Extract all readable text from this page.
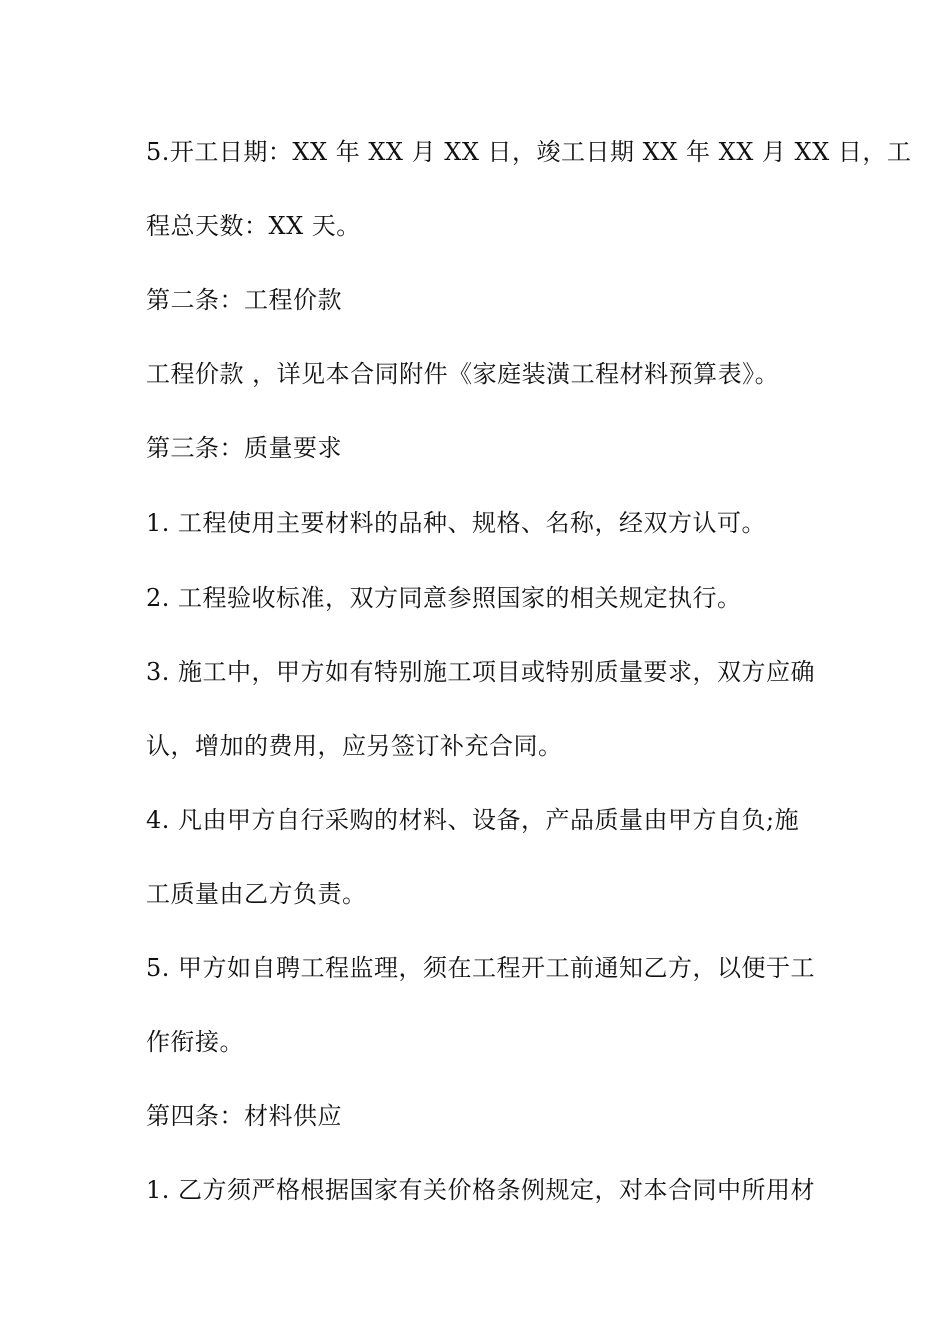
5.开工日期：XX 年 XX 月 XX 日，竣工日期 XX 年 XX 月 XX 日，工
程总天数：XX 天。
第二条：工程价款
工程价款 ，详见本合同附件《家庭装潢工程材料预算表》。
第三条：质量要求
1. 工程使用主要材料的品种、规格、名称，经双方认可。
2. 工程验收标准，双方同意参照国家的相关规定执行。
3. 施工中，甲方如有特别施工项目或特别质量要求，双方应确
认，增加的费用，应另签订补充合同。
4. 凡由甲方自行采购的材料、设备，产品质量由甲方自负;施
工质量由乙方负责。
5. 甲方如自聘工程监理，须在工程开工前通知乙方，以便于工
作衔接。
第四条：材料供应
1. 乙方须严格根据国家有关价格条例规定，对本合同中所用材
